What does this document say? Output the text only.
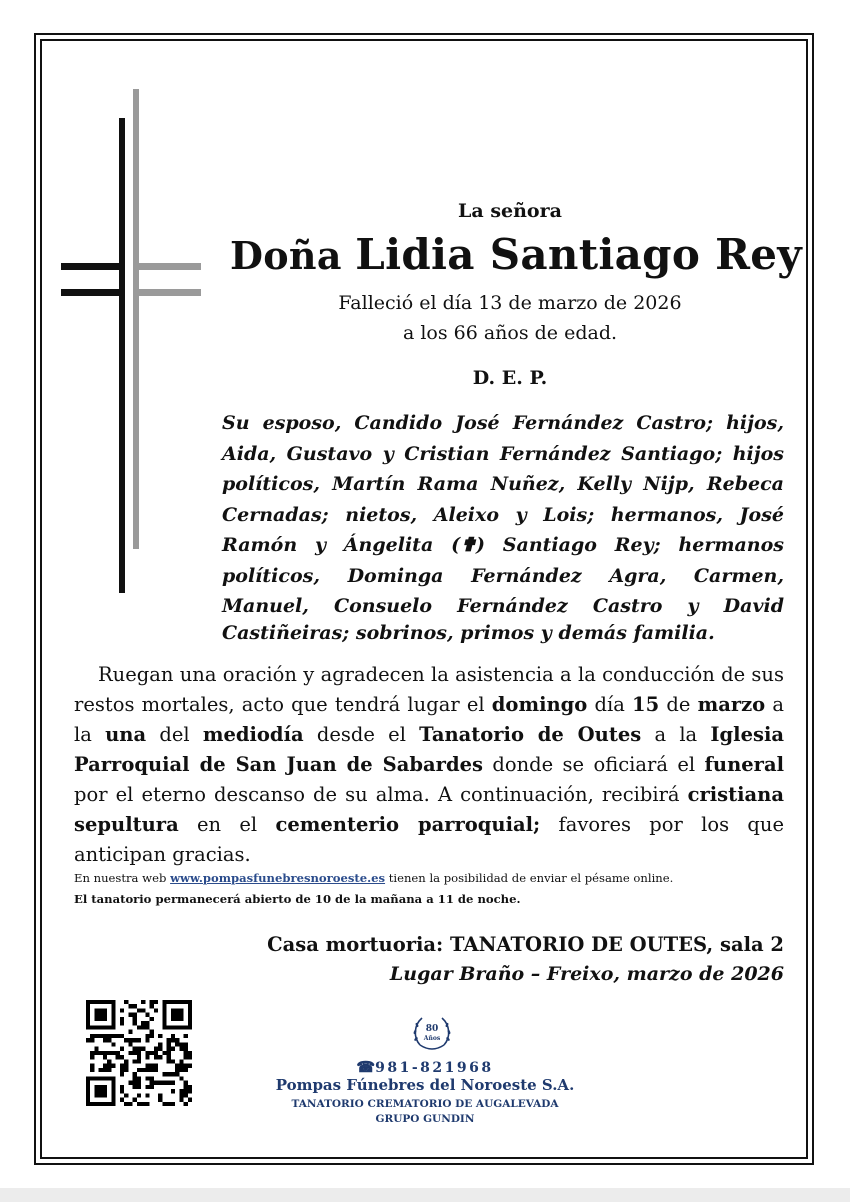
La señora
Doña Lidia Santiago Rey
Falleció el día 13 de marzo de 2026
a los 66 años de edad.
D. E. P.
Su esposo, Candido José Fernández Castro; hijos, Aida, Gustavo y Cristian Fernández Santiago; hijos políticos, Martín Rama Nuñez, Kelly Nijp, Rebeca Cernadas; nietos, Aleixo y Lois; hermanos, José Ramón y Ángelita (✟) Santiago Rey; hermanos políticos, Dominga Fernández Agra, Carmen, Manuel, Consuelo Fernández Castro y David
Castiñeiras; sobrinos, primos y demás familia.
Ruegan una oración y agradecen la asistencia a la conducción de sus restos mortales, acto que tendrá lugar el domingo día 15 de marzo a la una del mediodía desde el Tanatorio de Outes a la Iglesia Parroquial de San Juan de Sabardes donde se oficiará el funeral por el eterno descanso de su alma. A continuación, recibirá cristiana sepultura en el cementerio parroquial; favores por los que anticipan gracias.
En nuestra web www.pompasfunebresnoroeste.es tienen la posibilidad de enviar el pésame online.
El tanatorio permanecerá abierto de 10 de la mañana a 11 de noche.
Casa mortuoria: TANATORIO DE OUTES, sala 2
Lugar Braño – Freixo, marzo de 2026
80
Años
☎981-821968
Pompas Fúnebres del Noroeste S.A.
TANATORIO CREMATORIO DE AUGALEVADA
GRUPO GUNDIN
